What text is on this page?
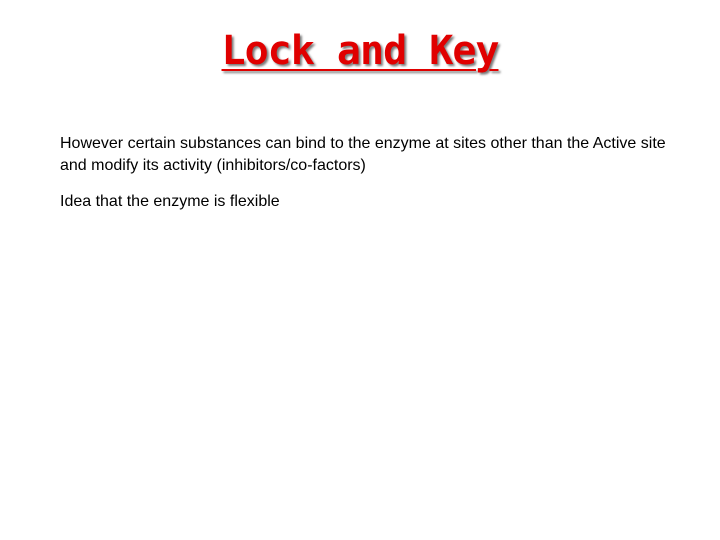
Lock and Key

However certain substances can bind to the enzyme at sites other than the Active site and modify its activity (inhibitors/co-factors)

Idea that the enzyme is flexible
